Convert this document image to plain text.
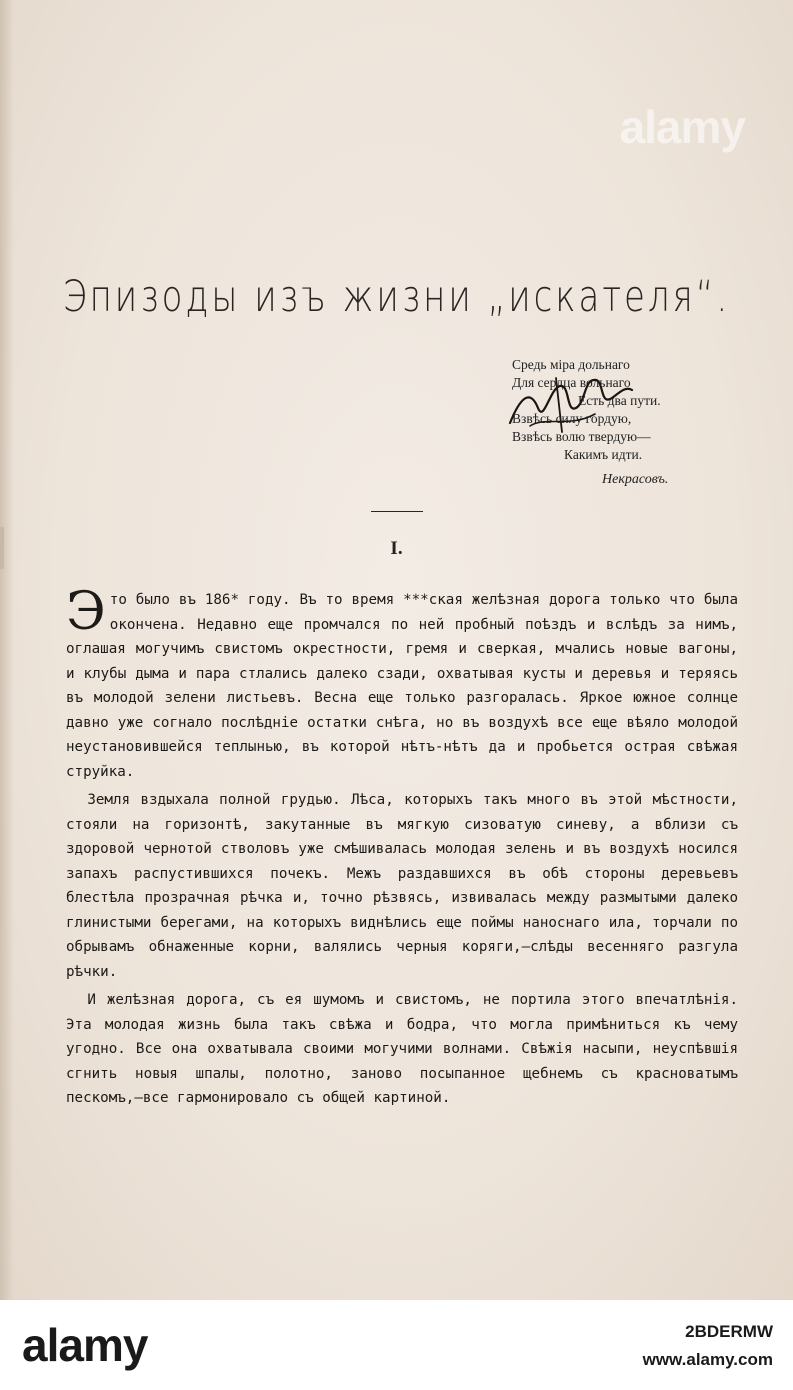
alamy
Эпизоды изъ жизни „искателя“.
Средь міра дольнаго
Для сердца вольнаго
Есть два пути.
Взвѣсь силу гордую,
Взвѣсь волю твердую—
Какимъ идти.
Некрасовъ.
I.

Это было въ 186* году. Въ то время ***ская желѣзная дорога только что была окончена. Недавно еще промчался по ней пробный поѣздъ и вслѣдъ за нимъ, оглашая могучимъ свистомъ окрестности, гремя и сверкая, мчались новые вагоны, и клубы дыма и пара стлались далеко сзади, охватывая кусты и деревья и теряясь въ молодой зелени листьевъ. Весна еще только разгоралась. Яркое южное солнце давно уже согнало послѣдніе остатки снѣга, но въ воздухѣ все еще вѣяло молодой неустановившейся теплынью, въ которой нѣтъ-нѣтъ да и пробьется острая свѣжая струйка.

Земля вздыхала полной грудью. Лѣса, которыхъ такъ много въ этой мѣстности, стояли на горизонтѣ, закутанные въ мягкую сизоватую синеву, а вблизи съ здоровой чернотой стволовъ уже смѣшивалась молодая зелень и въ воздухѣ носился запахъ распустившихся почекъ. Межъ раздавшихся въ обѣ стороны деревьевъ блестѣла прозрачная рѣчка и, точно рѣзвясь, извивалась между размытыми далеко глинистыми берегами, на которыхъ виднѣлись еще поймы наноснаго ила, торчали по обрывамъ обнаженные корни, валялись черныя коряги,—слѣды весенняго разгула рѣчки.

И желѣзная дорога, съ ея шумомъ и свистомъ, не портила этого впечатлѣнія. Эта молодая жизнь была такъ свѣжа и бодра, что могла примѣниться къ чему угодно. Все она охватывала своими могучими волнами. Свѣжія насыпи, неуспѣвшія сгнить новыя шпалы, полотно, заново посыпанное щебнемъ съ красноватымъ пескомъ,—все гармонировало съ общей картиной.

alamy	2BDERMW
www.alamy.com
